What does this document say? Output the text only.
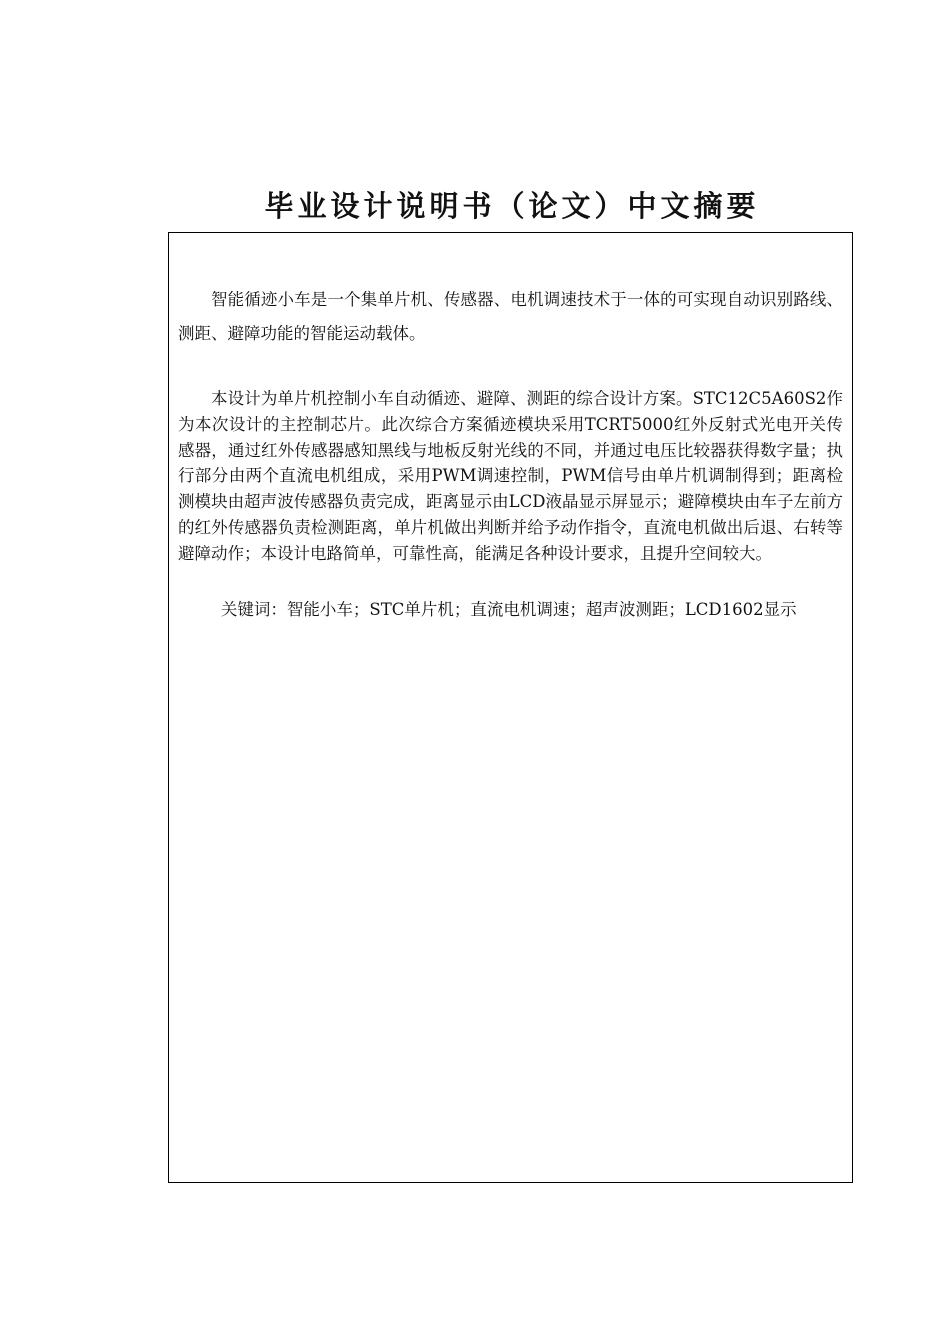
毕业设计说明书（论文）中文摘要

智能循迹小车是一个集单片机、传感器、电机调速技术于一体的可实现自动识别路线、测距、避障功能的智能运动载体。

本设计为单片机控制小车自动循迹、避障、测距的综合设计方案。STC12C5A60S2作为本次设计的主控制芯片。此次综合方案循迹模块采用TCRT5000红外反射式光电开关传感器，通过红外传感器感知黑线与地板反射光线的不同，并通过电压比较器获得数字量；执行部分由两个直流电机组成，采用PWM调速控制，PWM信号由单片机调制得到；距离检测模块由超声波传感器负责完成，距离显示由LCD液晶显示屏显示；避障模块由车子左前方的红外传感器负责检测距离，单片机做出判断并给予动作指令，直流电机做出后退、右转等避障动作；本设计电路简单，可靠性高，能满足各种设计要求，且提升空间较大。

关键词：智能小车；STC单片机；直流电机调速；超声波测距；LCD1602显示
